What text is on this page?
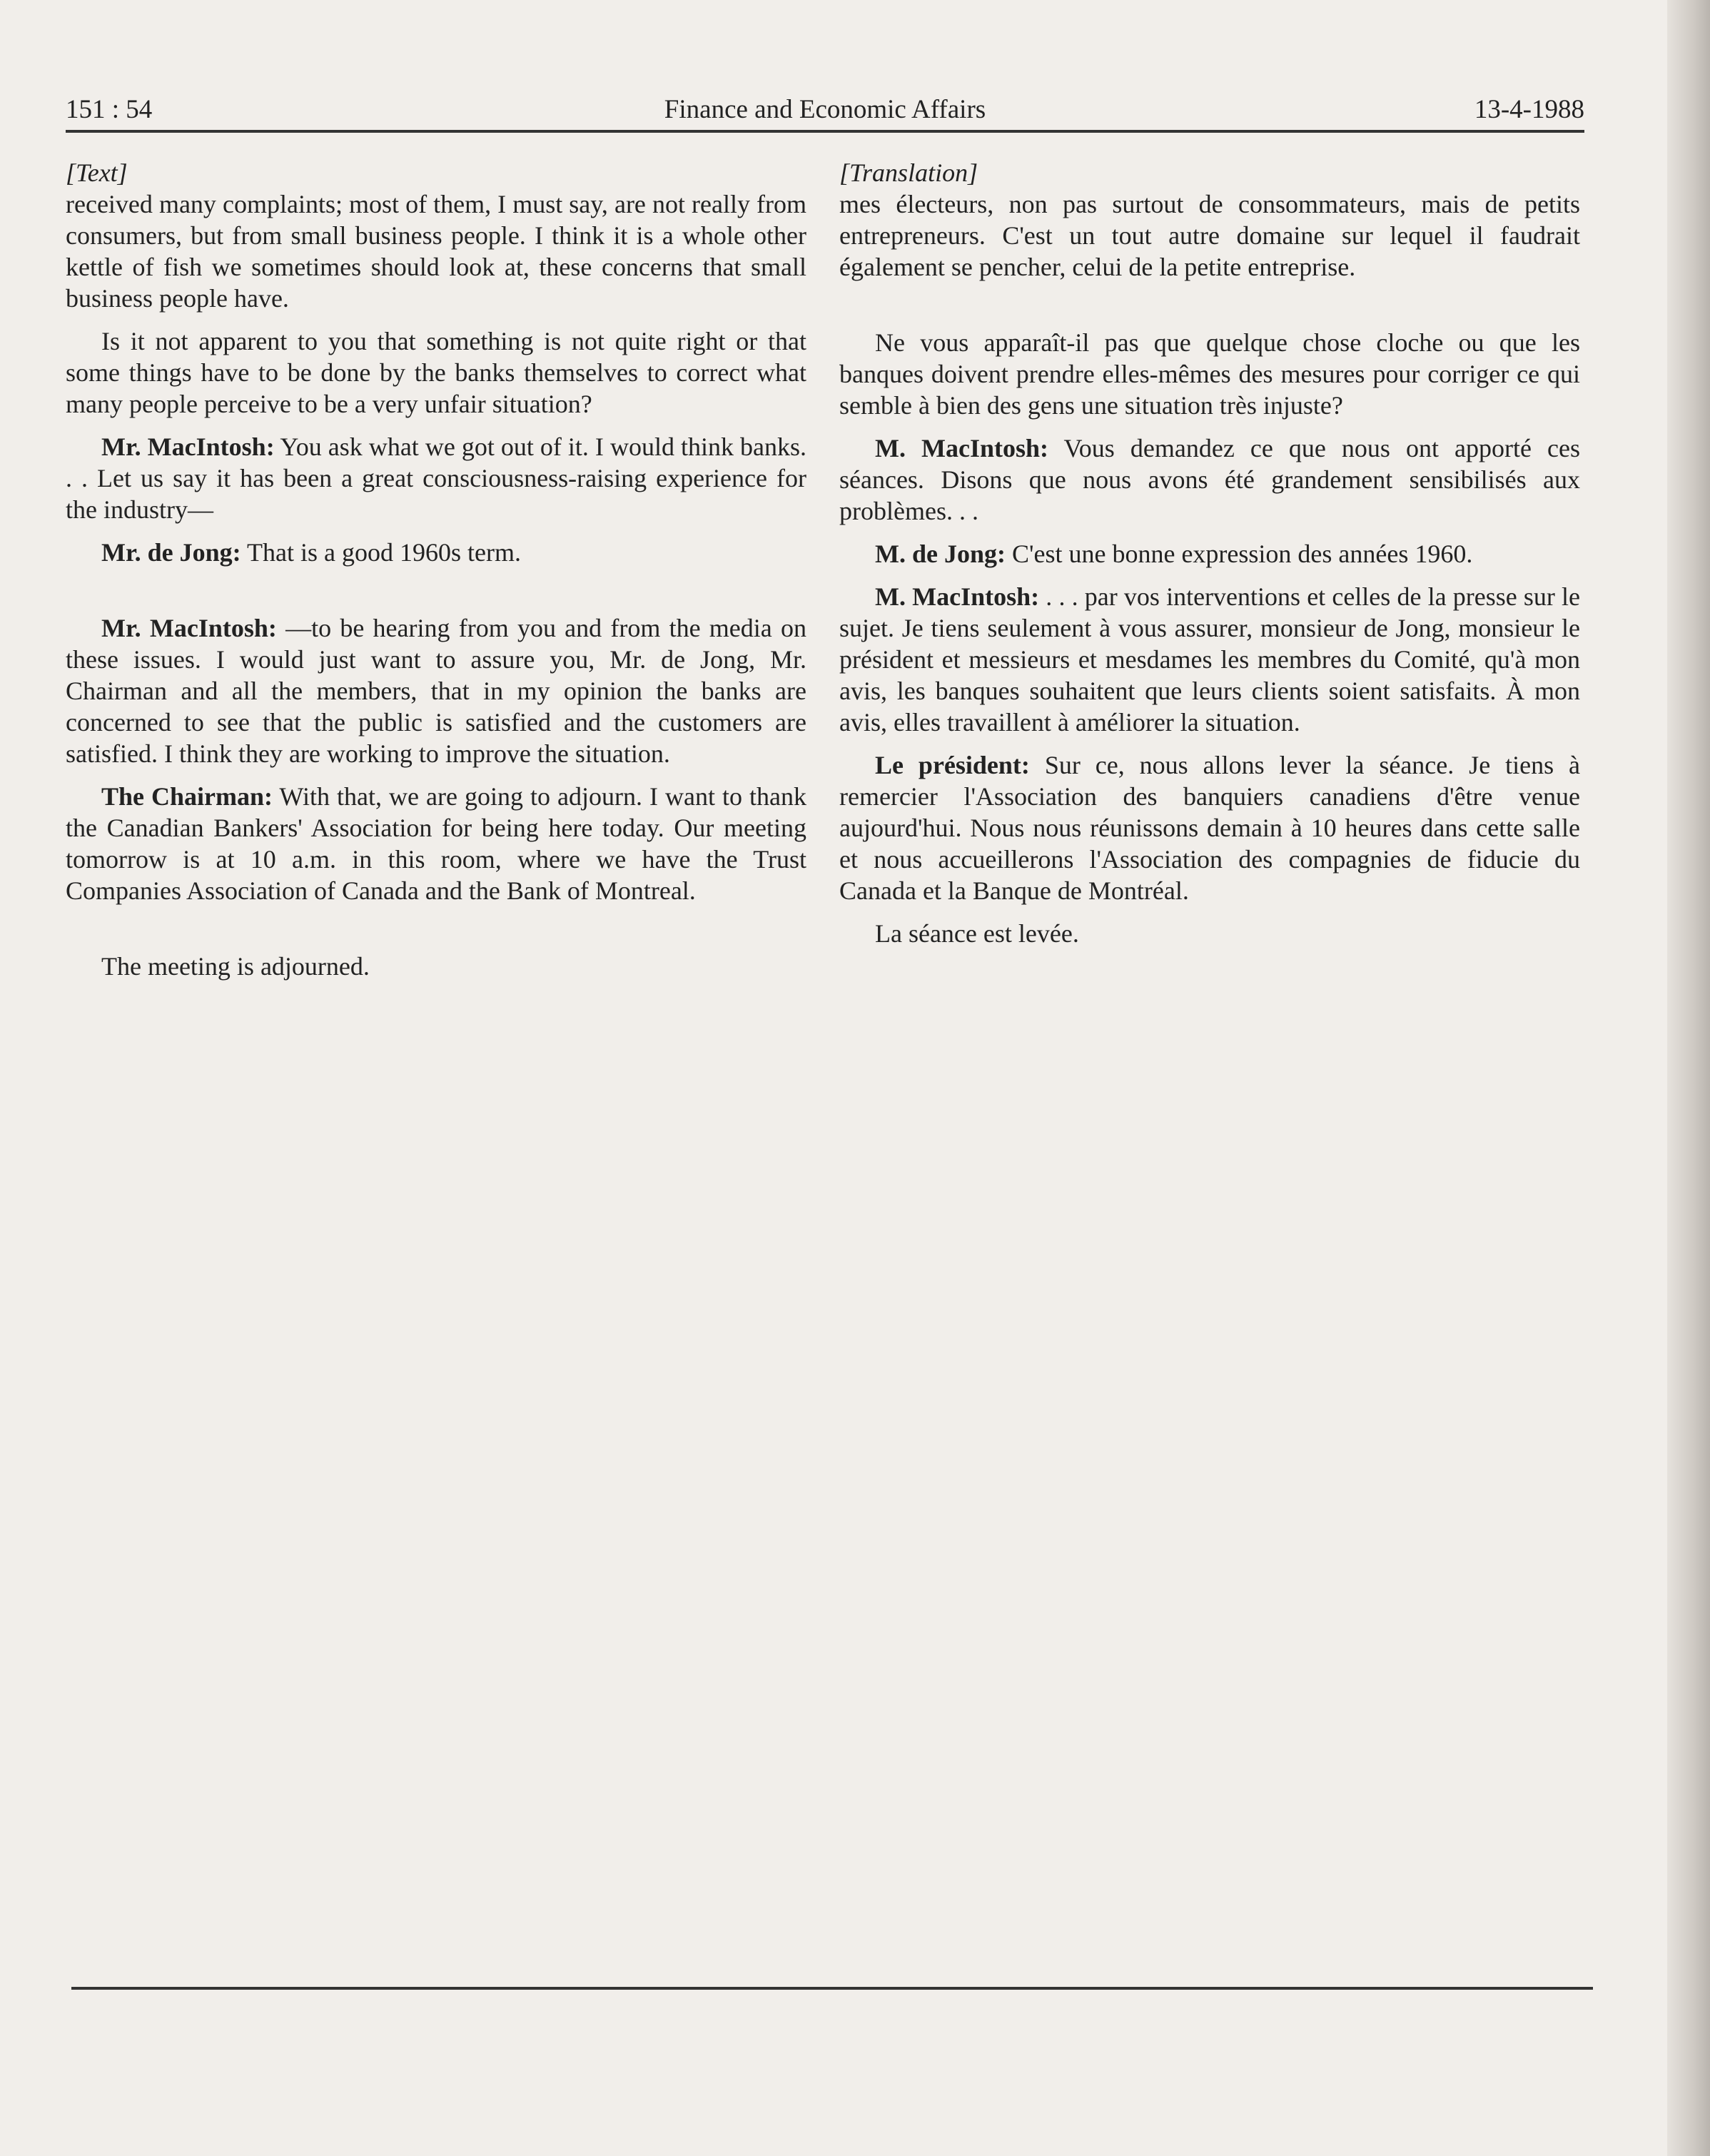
151 : 54	Finance and Economic Affairs	13-4-1988
[Text]

received many complaints; most of them, I must say, are not really from consumers, but from small business people. I think it is a whole other kettle of fish we sometimes should look at, these concerns that small business people have.

Is it not apparent to you that something is not quite right or that some things have to be done by the banks themselves to correct what many people perceive to be a very unfair situation?

Mr. MacIntosh: You ask what we got out of it. I would think banks. . . Let us say it has been a great consciousness-raising experience for the industry—

Mr. de Jong: That is a good 1960s term.

Mr. MacIntosh: —to be hearing from you and from the media on these issues. I would just want to assure you, Mr. de Jong, Mr. Chairman and all the members, that in my opinion the banks are concerned to see that the public is satisfied and the customers are satisfied. I think they are working to improve the situation.

The Chairman: With that, we are going to adjourn. I want to thank the Canadian Bankers' Association for being here today. Our meeting tomorrow is at 10 a.m. in this room, where we have the Trust Companies Association of Canada and the Bank of Montreal.

The meeting is adjourned.

[Translation]

mes électeurs, non pas surtout de consommateurs, mais de petits entrepreneurs. C'est un tout autre domaine sur lequel il faudrait également se pencher, celui de la petite entreprise.

Ne vous apparaît-il pas que quelque chose cloche ou que les banques doivent prendre elles-mêmes des mesures pour corriger ce qui semble à bien des gens une situation très injuste?

M. MacIntosh: Vous demandez ce que nous ont apporté ces séances. Disons que nous avons été grandement sensibilisés aux problèmes. . .

M. de Jong: C'est une bonne expression des années 1960.

M. MacIntosh: . . . par vos interventions et celles de la presse sur le sujet. Je tiens seulement à vous assurer, monsieur de Jong, monsieur le président et messieurs et mesdames les membres du Comité, qu'à mon avis, les banques souhaitent que leurs clients soient satisfaits. À mon avis, elles travaillent à améliorer la situation.

Le président: Sur ce, nous allons lever la séance. Je tiens à remercier l'Association des banquiers canadiens d'être venue aujourd'hui. Nous nous réunissons demain à 10 heures dans cette salle et nous accueillerons l'Association des compagnies de fiducie du Canada et la Banque de Montréal.

La séance est levée.
